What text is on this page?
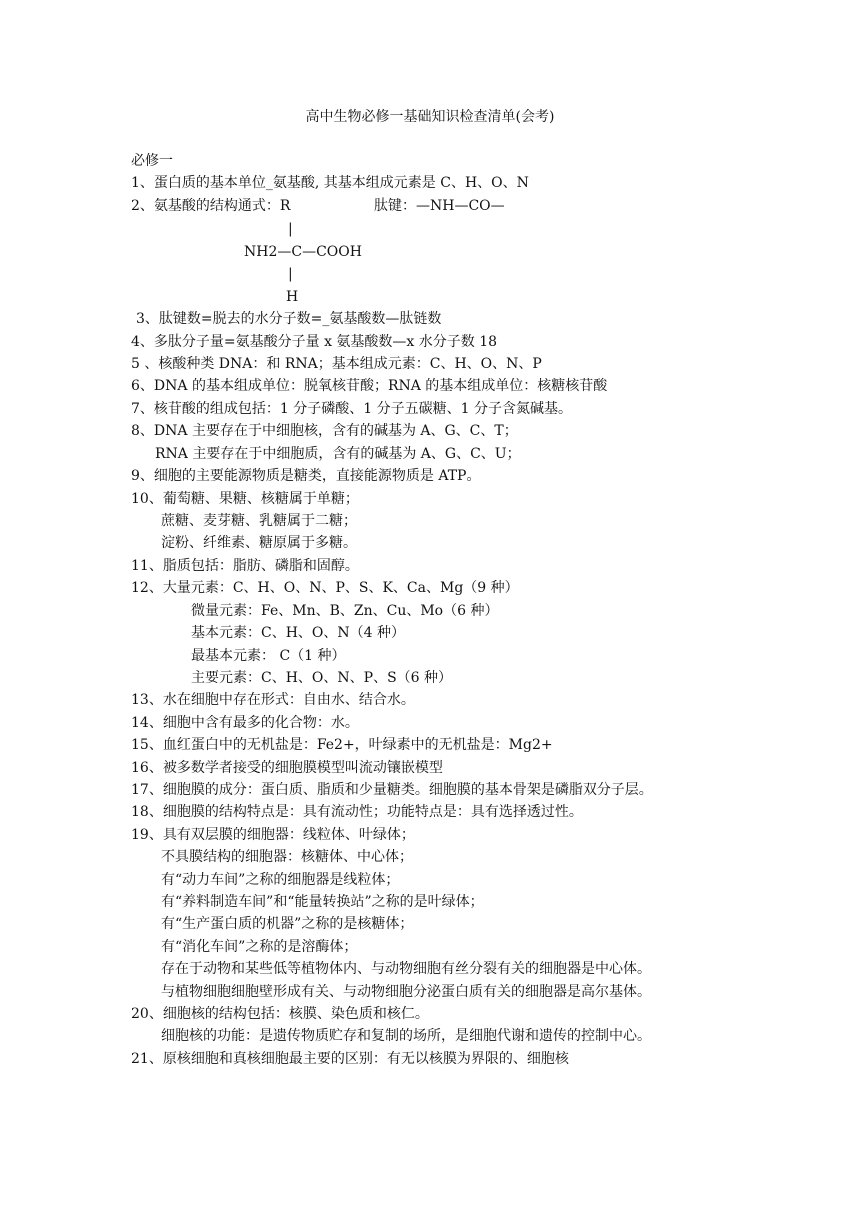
高中生物必修一基础知识检查清单(会考)
必修一
1、蛋白质的基本单位_氨基酸, 其基本组成元素是 C、H、O、N
2、氨基酸的结构通式：R	肽键：—NH—CO—
|
NH2—C—COOH
|
H
3、肽键数=脱去的水分子数=_氨基酸数—肽链数
4、多肽分子量=氨基酸分子量 x 氨基酸数—x 水分子数 18
5 、核酸种类 DNA：和 RNA；基本组成元素：C、H、O、N、P
6、DNA 的基本组成单位：脱氧核苷酸；RNA 的基本组成单位：核糖核苷酸
7、核苷酸的组成包括：1 分子磷酸、1 分子五碳糖、1 分子含氮碱基。
8、DNA 主要存在于中细胞核，含有的碱基为 A、G、C、T；
RNA 主要存在于中细胞质，含有的碱基为 A、G、C、U；
9、细胞的主要能源物质是糖类，直接能源物质是 ATP。
10、葡萄糖、果糖、核糖属于单糖；
蔗糖、麦芽糖、乳糖属于二糖；
淀粉、纤维素、糖原属于多糖。
11、脂质包括：脂肪、磷脂和固醇。
12、大量元素：C、H、O、N、P、S、K、Ca、Mg（9 种）
微量元素：Fe、Mn、B、Zn、Cu、Mo（6 种）
基本元素：C、H、O、N（4 种）
最基本元素： C（1 种）
主要元素：C、H、O、N、P、S（6 种）
13、水在细胞中存在形式：自由水、结合水。
14、细胞中含有最多的化合物：水。
15、血红蛋白中的无机盐是：Fe2+，叶绿素中的无机盐是：Mg2+
16、被多数学者接受的细胞膜模型叫流动镶嵌模型
17、细胞膜的成分：蛋白质、脂质和少量糖类。细胞膜的基本骨架是磷脂双分子层。
18、细胞膜的结构特点是：具有流动性；功能特点是：具有选择透过性。
19、具有双层膜的细胞器：线粒体、叶绿体；
不具膜结构的细胞器：核糖体、中心体；
有“动力车间”之称的细胞器是线粒体；
有“养料制造车间”和“能量转换站”之称的是叶绿体；
有“生产蛋白质的机器”之称的是核糖体；
有“消化车间”之称的是溶酶体；
存在于动物和某些低等植物体内、与动物细胞有丝分裂有关的细胞器是中心体。
与植物细胞细胞壁形成有关、与动物细胞分泌蛋白质有关的细胞器是高尔基体。
20、细胞核的结构包括：核膜、染色质和核仁。
细胞核的功能：是遗传物质贮存和复制的场所，是细胞代谢和遗传的控制中心。
21、原核细胞和真核细胞最主要的区别：有无以核膜为界限的、细胞核
